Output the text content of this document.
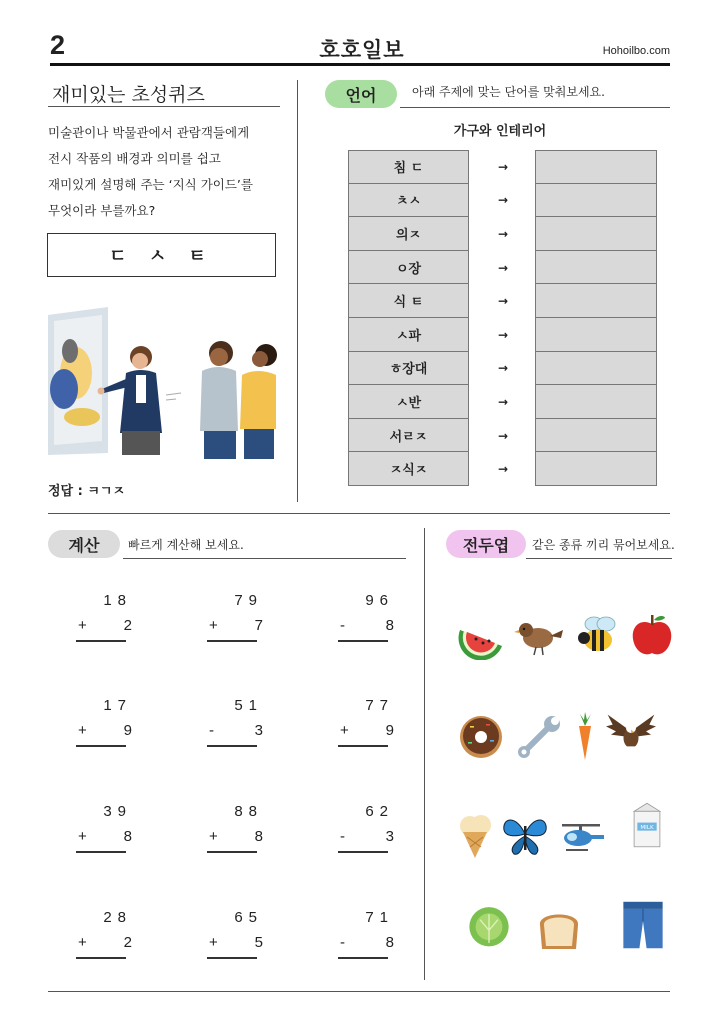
2	호호일보	Hohoilbo.com
재미있는 초성퀴즈
미술관이나 박물관에서 관람객들에게
전시 작품의 배경과 의미를 쉽고
재미있게 설명해 주는 ‘지식 가이드’를
무엇이라 부를까요?
ㄷ ㅅ ㅌ
정답 : ㅋㄱㅈ
언어	아래 주제에 맞는 단어를 맞춰보세요.
가구와 인테리어
침 ㄷ	→
ㅊㅅ	→
의ㅈ	→
ㅇ장	→
식 ㅌ	→
ㅅ파	→
ㅎ장대	→
ㅅ반	→
서ㄹㅈ	→
ㅈ식ㅈ	→
계산	빠르게 계산해 보세요.
18
+ 2
79
+ 7
96
-	8
17
+ 9
51
-	3
77
+ 9
39
+ 8
88
+ 8
62
-	3
28
+ 2
65
+ 5
71
-	8
전두엽	같은 종류 끼리 묶어보세요.
MILK
